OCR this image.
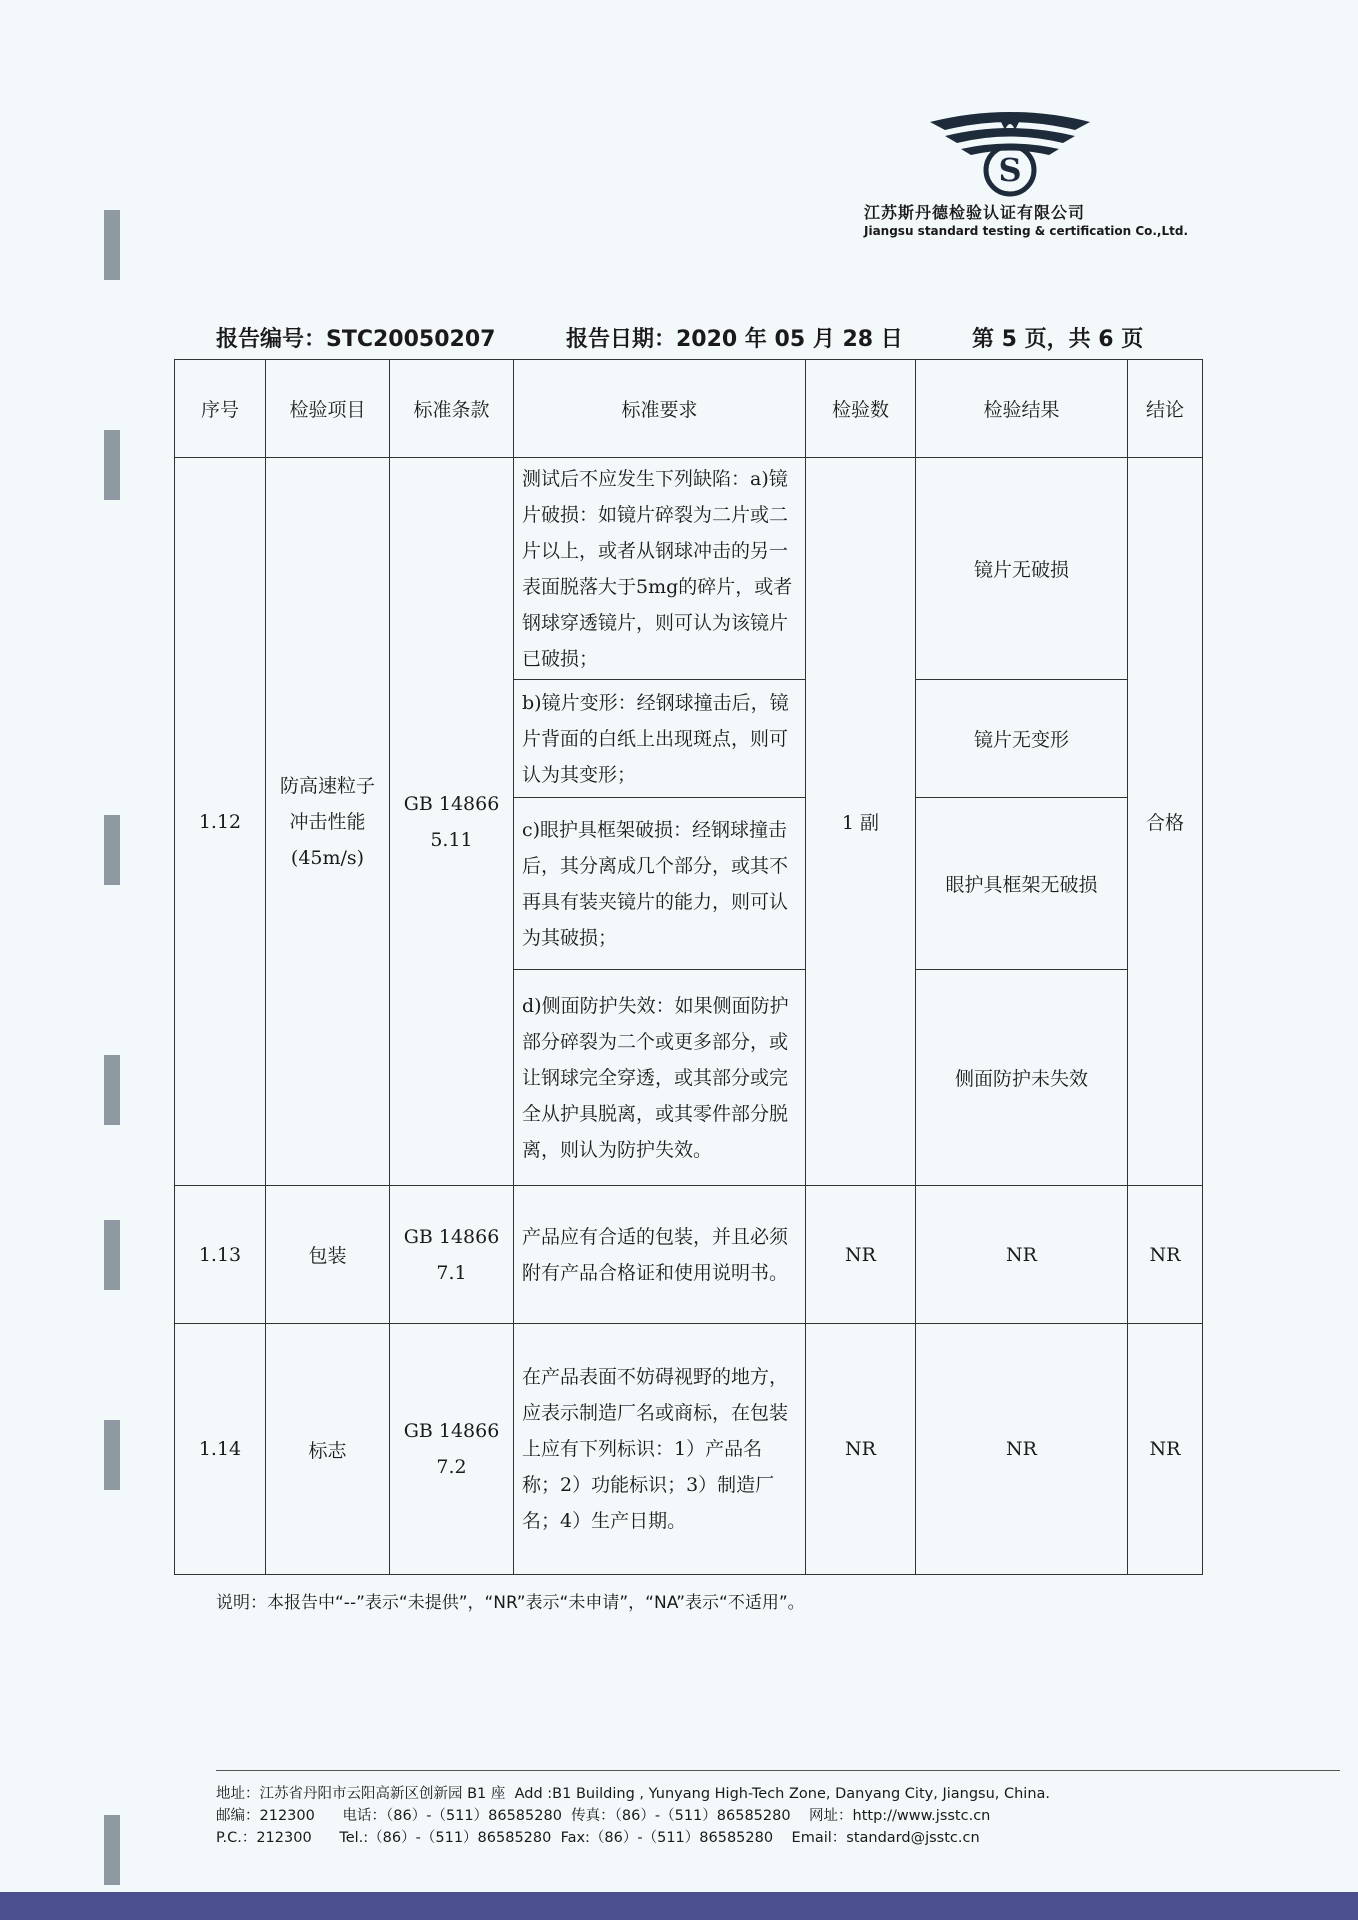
S
江苏斯丹德检验认证有限公司
Jiangsu standard testing & certification Co.,Ltd.
报告编号：STC20050207	报告日期：2020 年 05 月 28 日	第 5 页，共 6 页
序号	检验项目	标准条款	标准要求	检验数	检验结果	结论
1.12	防高速粒子冲击性能(45m/s)	GB 14866 5.11	测试后不应发生下列缺陷：a)镜片破损：如镜片碎裂为二片或二片以上，或者从钢球冲击的另一表面脱落大于5mg的碎片，或者钢球穿透镜片，则可认为该镜片已破损；	1 副	镜片无破损	合格
			b)镜片变形：经钢球撞击后，镜片背面的白纸上出现斑点，则可认为其变形；		镜片无变形	
			c)眼护具框架破损：经钢球撞击后，其分离成几个部分，或其不再具有装夹镜片的能力，则可认为其破损；		眼护具框架无破损	
			d)侧面防护失效：如果侧面防护部分碎裂为二个或更多部分，或让钢球完全穿透，或其部分或完全从护具脱离，或其零件部分脱离，则认为防护失效。		侧面防护未失效	
1.13	包装	GB 14866 7.1	产品应有合适的包装，并且必须附有产品合格证和使用说明书。	NR	NR	NR
1.14	标志	GB 14866 7.2	在产品表面不妨碍视野的地方，应表示制造厂名或商标，在包装上应有下列标识：1）产品名称；2）功能标识；3）制造厂名；4）生产日期。	NR	NR	NR
说明：本报告中“--”表示“未提供”，“NR”表示“未申请”，“NA”表示“不适用”。
地址：江苏省丹阳市云阳高新区创新园 B1 座  Add :B1 Building , Yunyang High-Tech Zone, Danyang City, Jiangsu, China.
邮编：212300 电话：（86）-（511）86585280 传真：（86）-（511）86585280 网址：http://www.jsstc.cn
P.C.：212300 Tel.:（86）-（511）86585280 Fax:（86）-（511）86585280 Email：standard@jsstc.cn
